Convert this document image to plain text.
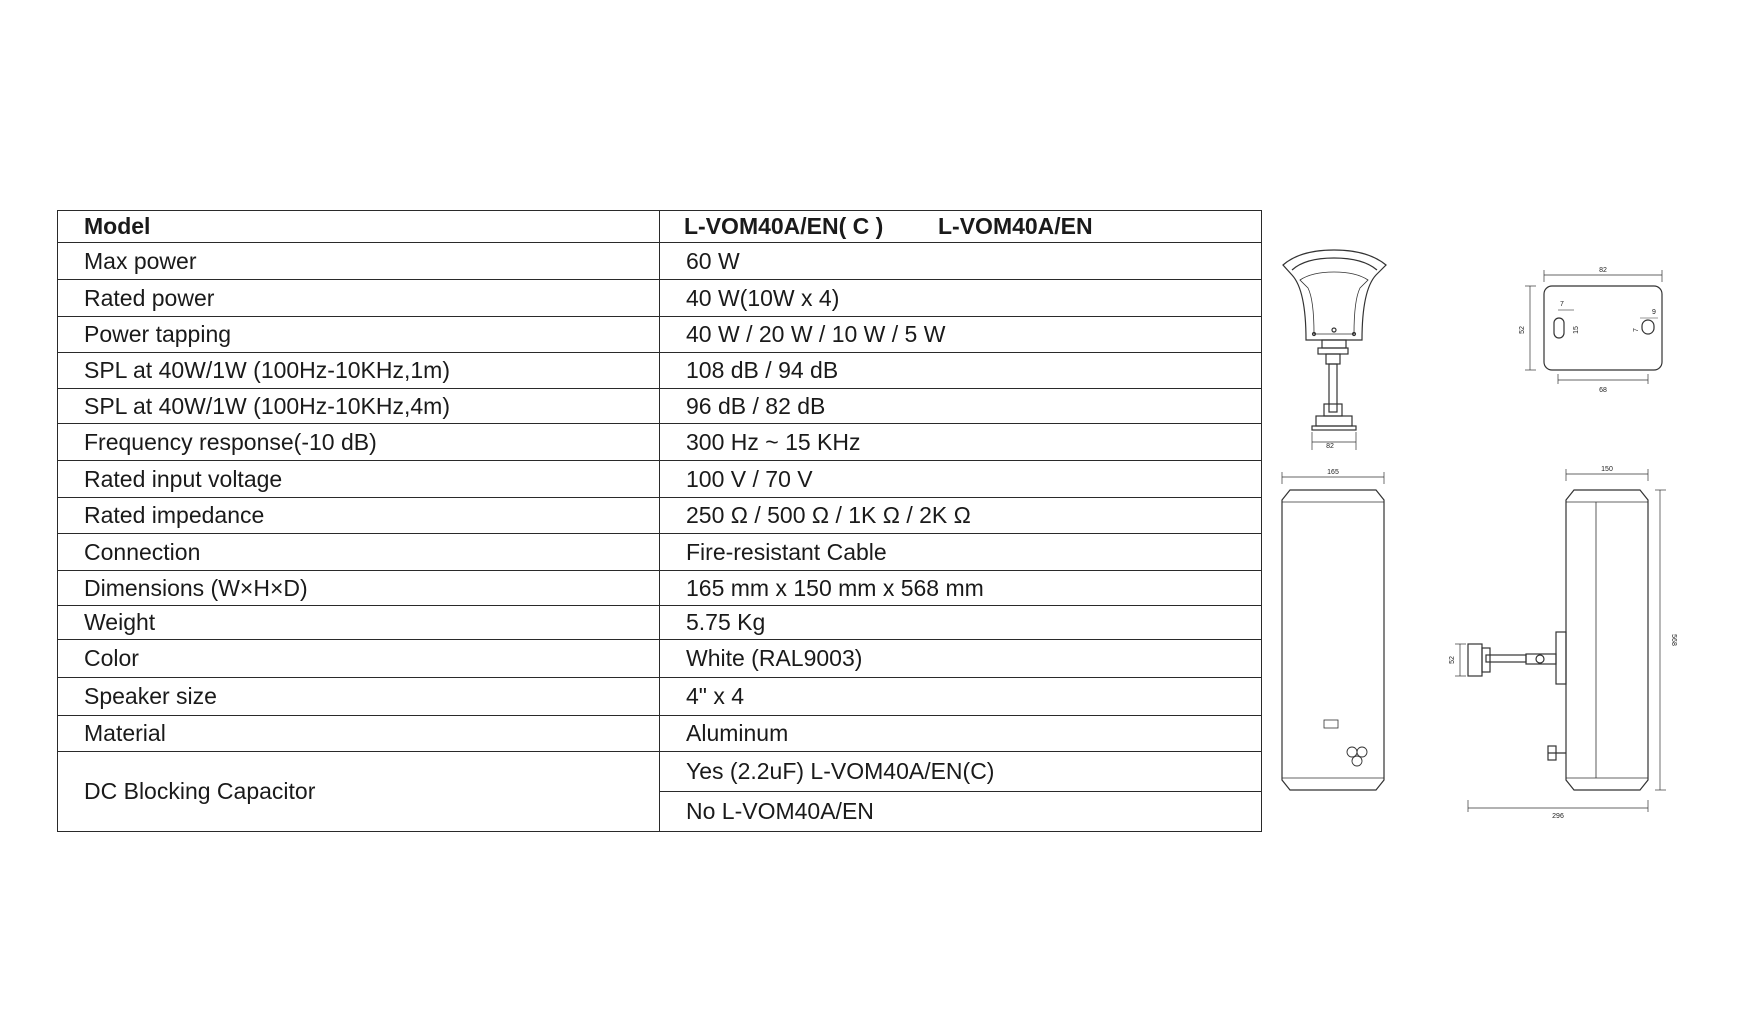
Model	L-VOM40A/EN( C ) L-VOM40A/EN
Max power	60 W
Rated power	40 W(10W x 4)
Power tapping	40 W / 20 W / 10 W / 5 W
SPL at 40W/1W (100Hz-10KHz,1m)	108 dB / 94 dB
SPL at 40W/1W (100Hz-10KHz,4m)	96 dB / 82 dB
Frequency response(-10 dB)	300 Hz ~ 15 KHz
Rated input voltage	100 V / 70 V
Rated impedance	250 Ω / 500 Ω / 1K Ω / 2K Ω
Connection	Fire-resistant Cable
Dimensions (W×H×D)	165 mm x 150 mm x 568 mm
Weight	5.75 Kg
Color	White (RAL9003)
Speaker size	4" x 4
Material	Aluminum
DC Blocking Capacitor	Yes (2.2uF) L-VOM40A/EN(C)
	No L-VOM40A/EN
82
82
52
68
7
15
9
7
165	150
568
52
296
